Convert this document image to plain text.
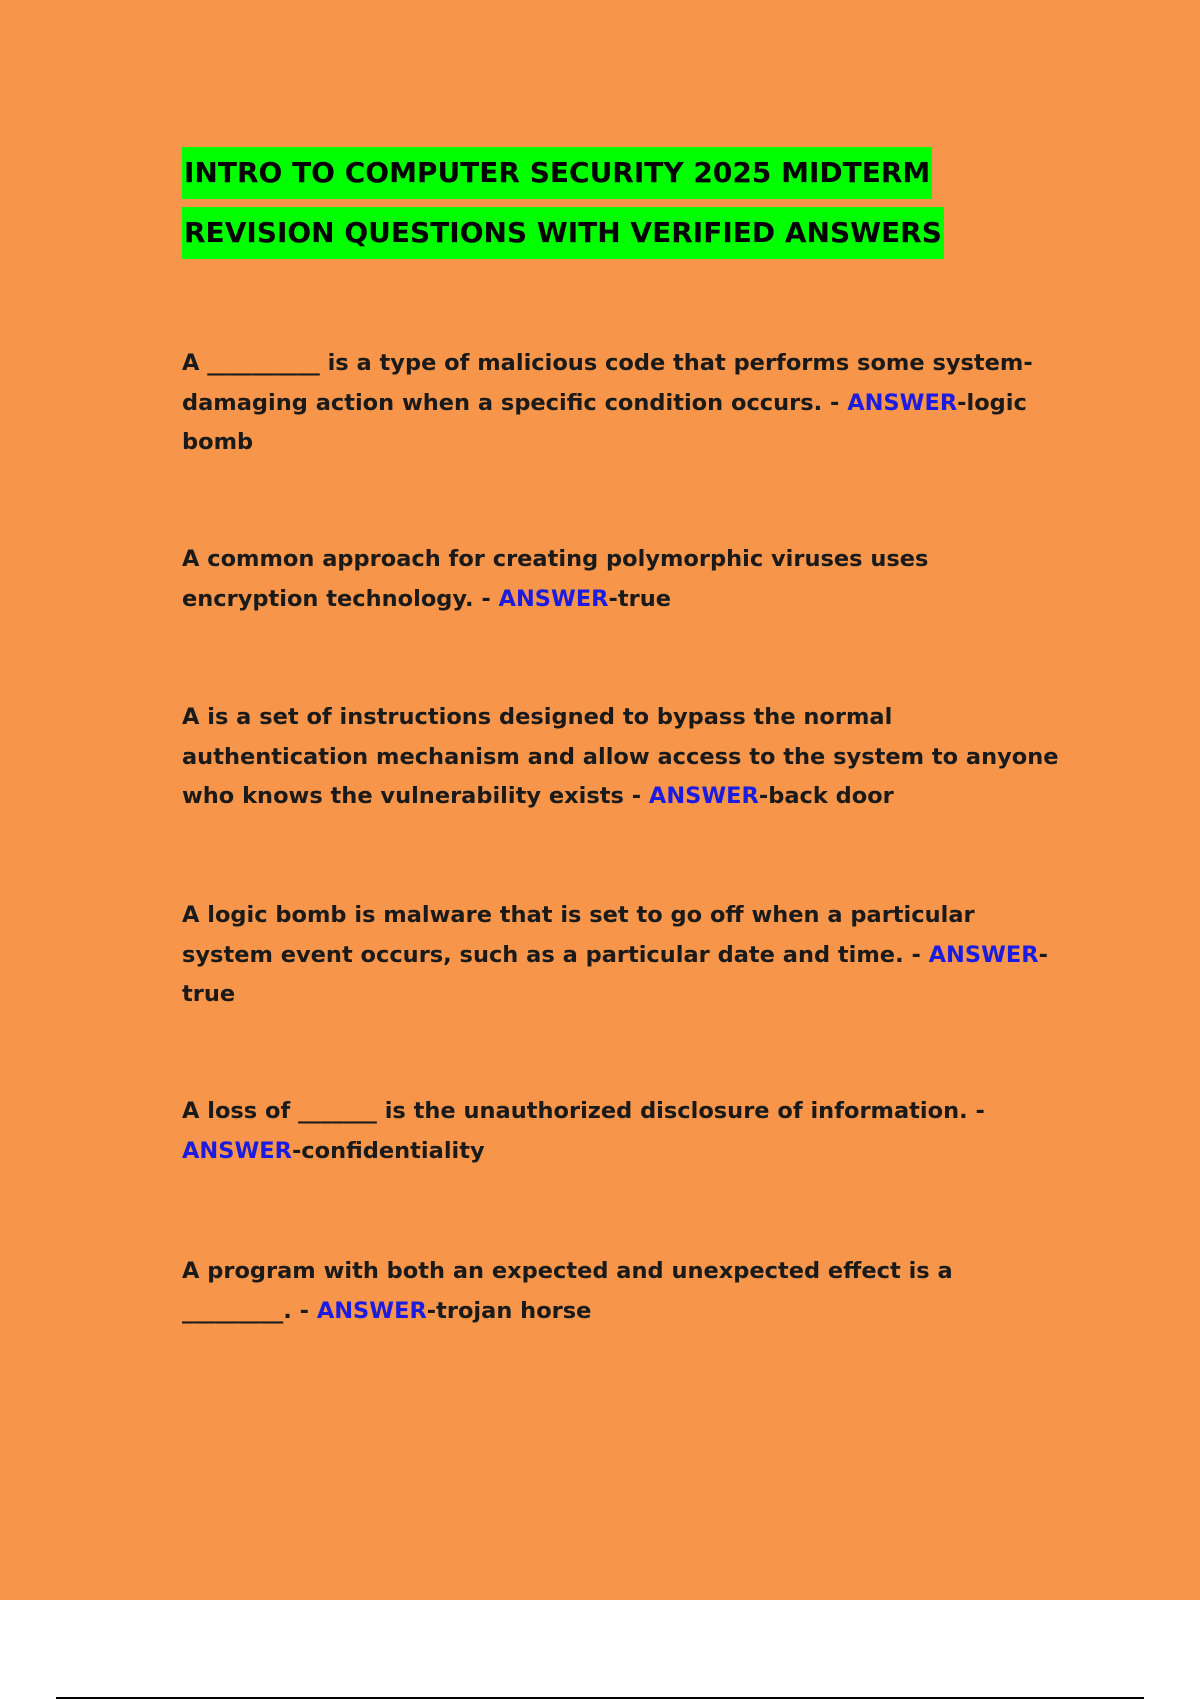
INTRO TO COMPUTER SECURITY 2025 MIDTERM
REVISION QUESTIONS WITH VERIFIED ANSWERS
A __________ is a type of malicious code that performs some system-damaging action when a specific condition occurs. - ANSWER-logic bomb
A common approach for creating polymorphic viruses uses encryption technology. - ANSWER-true
A is a set of instructions designed to bypass the normal authentication mechanism and allow access to the system to anyone who knows the vulnerability exists - ANSWER-back door
A logic bomb is malware that is set to go off when a particular system event occurs, such as a particular date and time. - ANSWER-true
A loss of _______ is the unauthorized disclosure of information. - ANSWER-confidentiality
A program with both an expected and unexpected effect is a _________. - ANSWER-trojan horse
